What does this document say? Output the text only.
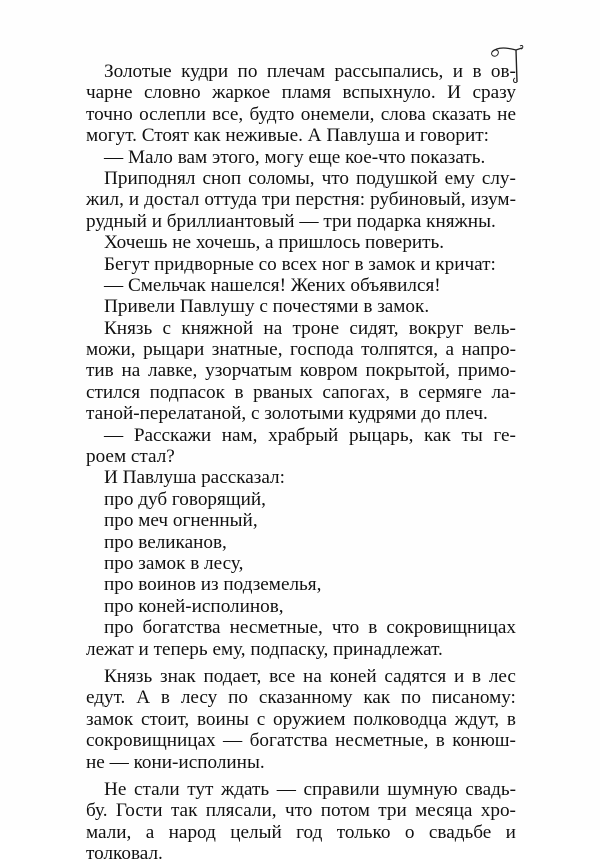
Золотые кудри по плечам рассыпались, и в ов-
чарне словно жаркое пламя вспыхнуло. И сразу
точно ослепли все, будто онемели, слова сказать не
могут. Стоят как неживые. А Павлуша и говорит:
— Мало вам этого, могу еще кое-что показать.
Приподнял сноп соломы, что подушкой ему слу-
жил, и достал оттуда три перстня: рубиновый, изум-
рудный и бриллиантовый — три подарка княжны.
Хочешь не хочешь, а пришлось поверить.
Бегут придворные со всех ног в замок и кричат:
— Смельчак нашелся! Жених объявился!
Привели Павлушу с почестями в замок.
Князь с княжной на троне сидят, вокруг вель-
можи, рыцари знатные, господа толпятся, а напро-
тив на лавке, узорчатым ковром покрытой, примо-
стился подпасок в рваных сапогах, в сермяге ла-
таной-перелатаной, с золотыми кудрями до плеч.
— Расскажи нам, храбрый рыцарь, как ты ге-
роем стал?
И Павлуша рассказал:
про дуб говорящий,
про меч огненный,
про великанов,
про замок в лесу,
про воинов из подземелья,
про коней-исполинов,
про богатства несметные, что в сокровищницах
лежат и теперь ему, подпаску, принадлежат.
Князь знак подает, все на коней садятся и в лес
едут. А в лесу по сказанному как по писаному:
замок стоит, воины с оружием полководца ждут, в
сокровищницах — богатства несметные, в конюш-
не — кони-исполины.
Не стали тут ждать — справили шумную свадь-
бу. Гости так плясали, что потом три месяца хро-
мали, а народ целый год только о свадьбе и
толковал.
